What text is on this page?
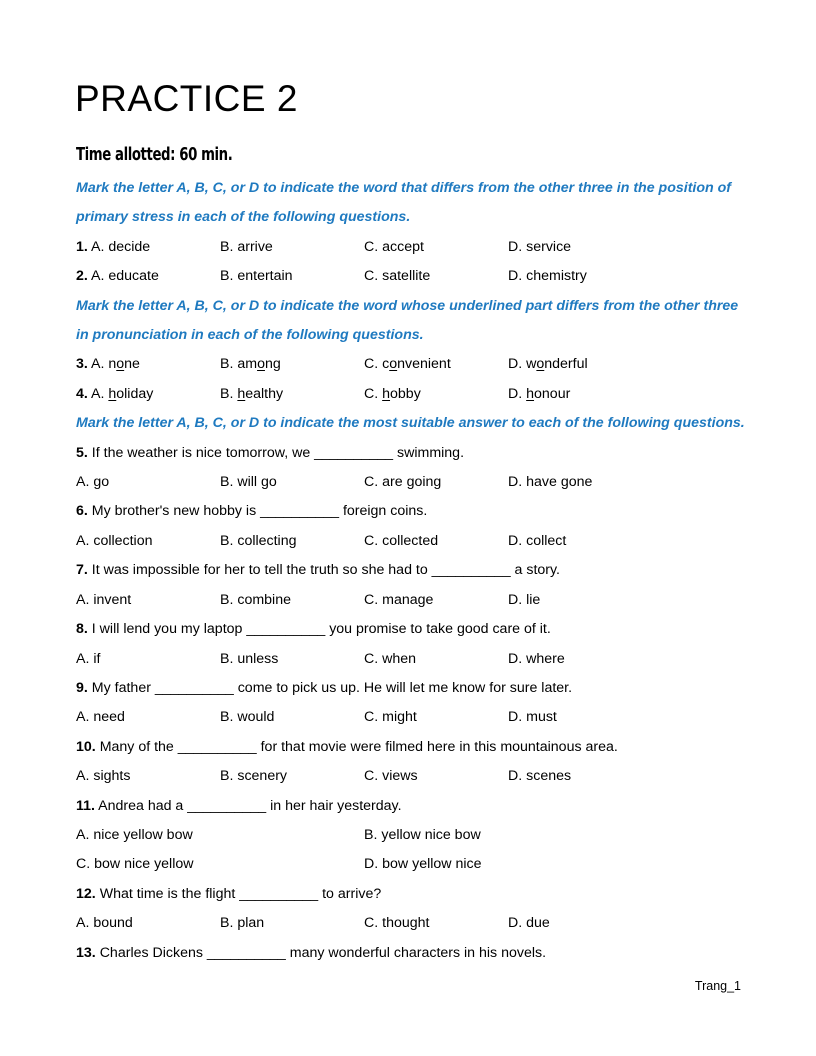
PRACTICE 2
Time allotted: 60 min.
Mark the letter A, B, C, or D to indicate the word that differs from the other three in the position of primary stress in each of the following questions.
1. A. decide	B. arrive	C. accept	D. service
2. A. educate	B. entertain	C. satellite	D. chemistry
Mark the letter A, B, C, or D to indicate the word whose underlined part differs from the other three in pronunciation in each of the following questions.
3. A. none	B. among	C. convenient	D. wonderful
4. A. holiday	B. healthy	C. hobby	D. honour
Mark the letter A, B, C, or D to indicate the most suitable answer to each of the following questions.
5. If the weather is nice tomorrow, we __________ swimming.
A. go	B. will go	C. are going	D. have gone
6. My brother's new hobby is __________ foreign coins.
A. collection	B. collecting	C. collected	D. collect
7. It was impossible for her to tell the truth so she had to __________ a story.
A. invent	B. combine	C. manage	D. lie
8. I will lend you my laptop __________ you promise to take good care of it.
A. if	B. unless	C. when	D. where
9. My father __________ come to pick us up. He will let me know for sure later.
A. need	B. would	C. might	D. must
10. Many of the __________ for that movie were filmed here in this mountainous area.
A. sights	B. scenery	C. views	D. scenes
11. Andrea had a __________ in her hair yesterday.
A. nice yellow bow	B. yellow nice bow
C. bow nice yellow	D. bow yellow nice
12. What time is the flight __________ to arrive?
A. bound	B. plan	C. thought	D. due
13. Charles Dickens __________ many wonderful characters in his novels.
Trang_1
